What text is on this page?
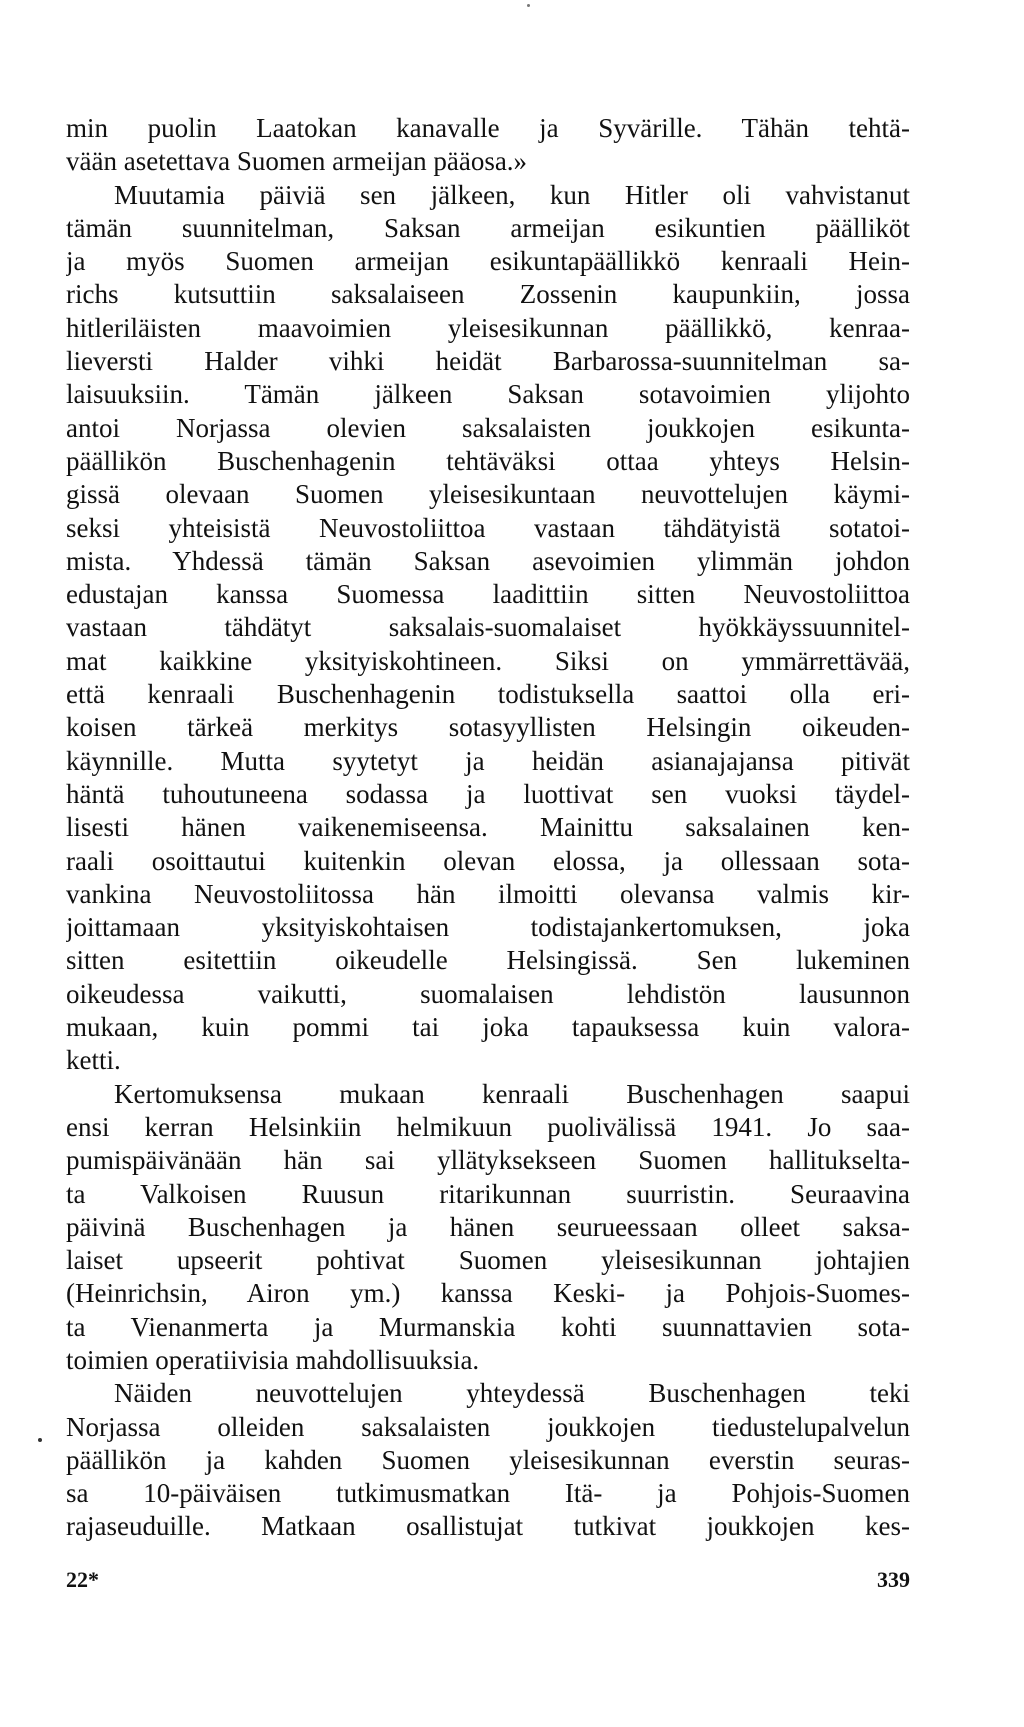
min puolin Laatokan kanavalle ja Syvärille. Tähän tehtä-
vään asetettava Suomen armeijan pääosa.»
Muutamia päiviä sen jälkeen, kun Hitler oli vahvistanut
tämän suunnitelman, Saksan armeijan esikuntien päälliköt
ja myös Suomen armeijan esikuntapäällikkö kenraali Hein-
richs kutsuttiin saksalaiseen Zossenin kaupunkiin, jossa
hitleriläisten maavoimien yleisesikunnan päällikkö, kenraa-
lieversti Halder vihki heidät Barbarossa-suunnitelman sa-
laisuuksiin. Tämän jälkeen Saksan sotavoimien ylijohto
antoi Norjassa olevien saksalaisten joukkojen esikunta-
päällikön Buschenhagenin tehtäväksi ottaa yhteys Helsin-
gissä olevaan Suomen yleisesikuntaan neuvottelujen käymi-
seksi yhteisistä Neuvostoliittoa vastaan tähdätyistä sotatoi-
mista. Yhdessä tämän Saksan asevoimien ylimmän johdon
edustajan kanssa Suomessa laadittiin sitten Neuvostoliittoa
vastaan tähdätyt saksalais-suomalaiset hyökkäyssuunnitel-
mat kaikkine yksityiskohtineen. Siksi on ymmärrettävää,
että kenraali Buschenhagenin todistuksella saattoi olla eri-
koisen tärkeä merkitys sotasyyllisten Helsingin oikeuden-
käynnille. Mutta syytetyt ja heidän asianajajansa pitivät
häntä tuhoutuneena sodassa ja luottivat sen vuoksi täydel-
lisesti hänen vaikenemiseensa. Mainittu saksalainen ken-
raali osoittautui kuitenkin olevan elossa, ja ollessaan sota-
vankina Neuvostoliitossa hän ilmoitti olevansa valmis kir-
joittamaan yksityiskohtaisen todistajankertomuksen, joka
sitten esitettiin oikeudelle Helsingissä. Sen lukeminen
oikeudessa vaikutti, suomalaisen lehdistön lausunnon
mukaan, kuin pommi tai joka tapauksessa kuin valora-
ketti.
Kertomuksensa mukaan kenraali Buschenhagen saapui
ensi kerran Helsinkiin helmikuun puolivälissä 1941. Jo saa-
pumispäivänään hän sai yllätyksekseen Suomen hallitukselta-
ta Valkoisen Ruusun ritarikunnan suurristin. Seuraavina
päivinä Buschenhagen ja hänen seurueessaan olleet saksa-
laiset upseerit pohtivat Suomen yleisesikunnan johtajien
(Heinrichsin, Airon ym.) kanssa Keski- ja Pohjois-Suomes-
ta Vienanmerta ja Murmanskia kohti suunnattavien sota-
toimien operatiivisia mahdollisuuksia.
Näiden neuvottelujen yhteydessä Buschenhagen teki
Norjassa olleiden saksalaisten joukkojen tiedustelupalvelun
päällikön ja kahden Suomen yleisesikunnan everstin seuras-
sa 10-päiväisen tutkimusmatkan Itä- ja Pohjois-Suomen
rajaseuduille. Matkaan osallistujat tutkivat joukkojen kes-
22*	339
